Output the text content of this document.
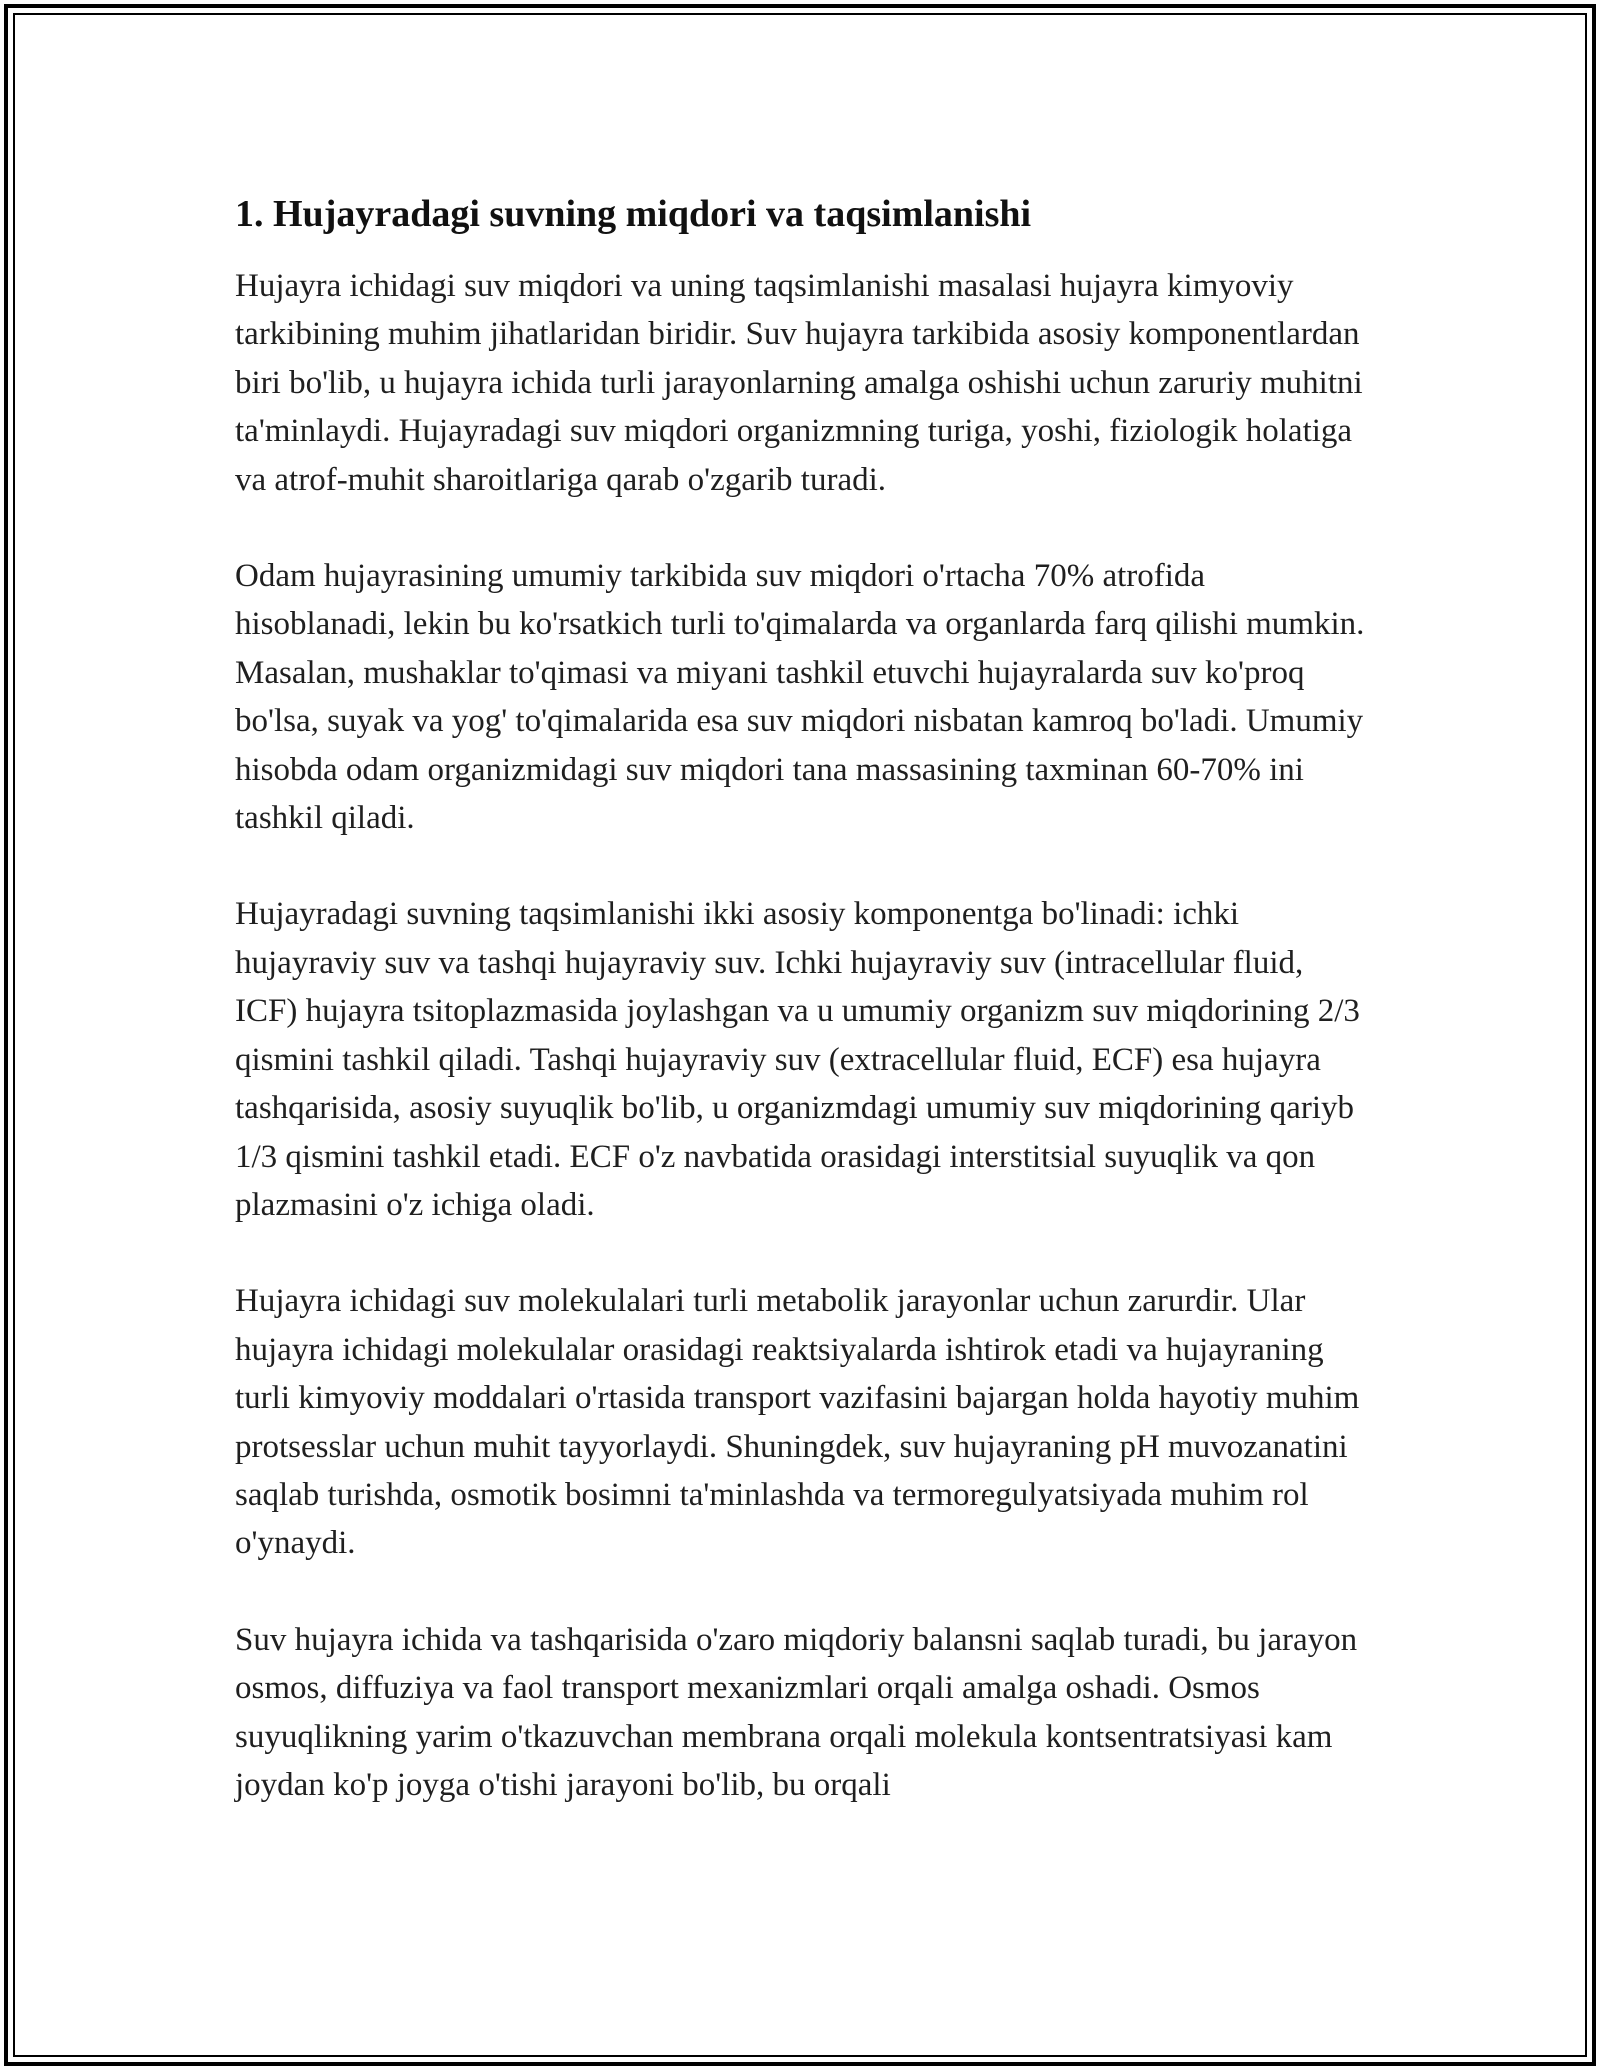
1. Hujayradagi suvning miqdori va taqsimlanishi

Hujayra ichidagi suv miqdori va uning taqsimlanishi masalasi hujayra kimyoviy tarkibining muhim jihatlaridan biridir. Suv hujayra tarkibida asosiy komponentlardan biri bo'lib, u hujayra ichida turli jarayonlarning amalga oshishi uchun zaruriy muhitni ta'minlaydi. Hujayradagi suv miqdori organizmning turiga, yoshi, fiziologik holatiga va atrof-muhit sharoitlariga qarab o'zgarib turadi.

Odam hujayrasining umumiy tarkibida suv miqdori o'rtacha 70% atrofida hisoblanadi, lekin bu ko'rsatkich turli to'qimalarda va organlarda farq qilishi mumkin. Masalan, mushaklar to'qimasi va miyani tashkil etuvchi hujayralarda suv ko'proq bo'lsa, suyak va yog' to'qimalarida esa suv miqdori nisbatan kamroq bo'ladi. Umumiy hisobda odam organizmidagi suv miqdori tana massasining taxminan 60-70% ini tashkil qiladi.

Hujayradagi suvning taqsimlanishi ikki asosiy komponentga bo'linadi: ichki hujayraviy suv va tashqi hujayraviy suv. Ichki hujayraviy suv (intracellular fluid, ICF) hujayra tsitoplazmasida joylashgan va u umumiy organizm suv miqdorining 2/3 qismini tashkil qiladi. Tashqi hujayraviy suv (extracellular fluid, ECF) esa hujayra tashqarisida, asosiy suyuqlik bo'lib, u organizmdagi umumiy suv miqdorining qariyb 1/3 qismini tashkil etadi. ECF o'z navbatida orasidagi interstitsial suyuqlik va qon plazmasini o'z ichiga oladi.

Hujayra ichidagi suv molekulalari turli metabolik jarayonlar uchun zarurdir. Ular hujayra ichidagi molekulalar orasidagi reaktsiyalarda ishtirok etadi va hujayraning turli kimyoviy moddalari o'rtasida transport vazifasini bajargan holda hayotiy muhim protsesslar uchun muhit tayyorlaydi. Shuningdek, suv hujayraning pH muvozanatini saqlab turishda, osmotik bosimni ta'minlashda va termoregulyatsiyada muhim rol o'ynaydi.

Suv hujayra ichida va tashqarisida o'zaro miqdoriy balansni saqlab turadi, bu jarayon osmos, diffuziya va faol transport mexanizmlari orqali amalga oshadi. Osmos suyuqlikning yarim o'tkazuvchan membrana orqali molekula kontsentratsiyasi kam joydan ko'p joyga o'tishi jarayoni bo'lib, bu orqali
